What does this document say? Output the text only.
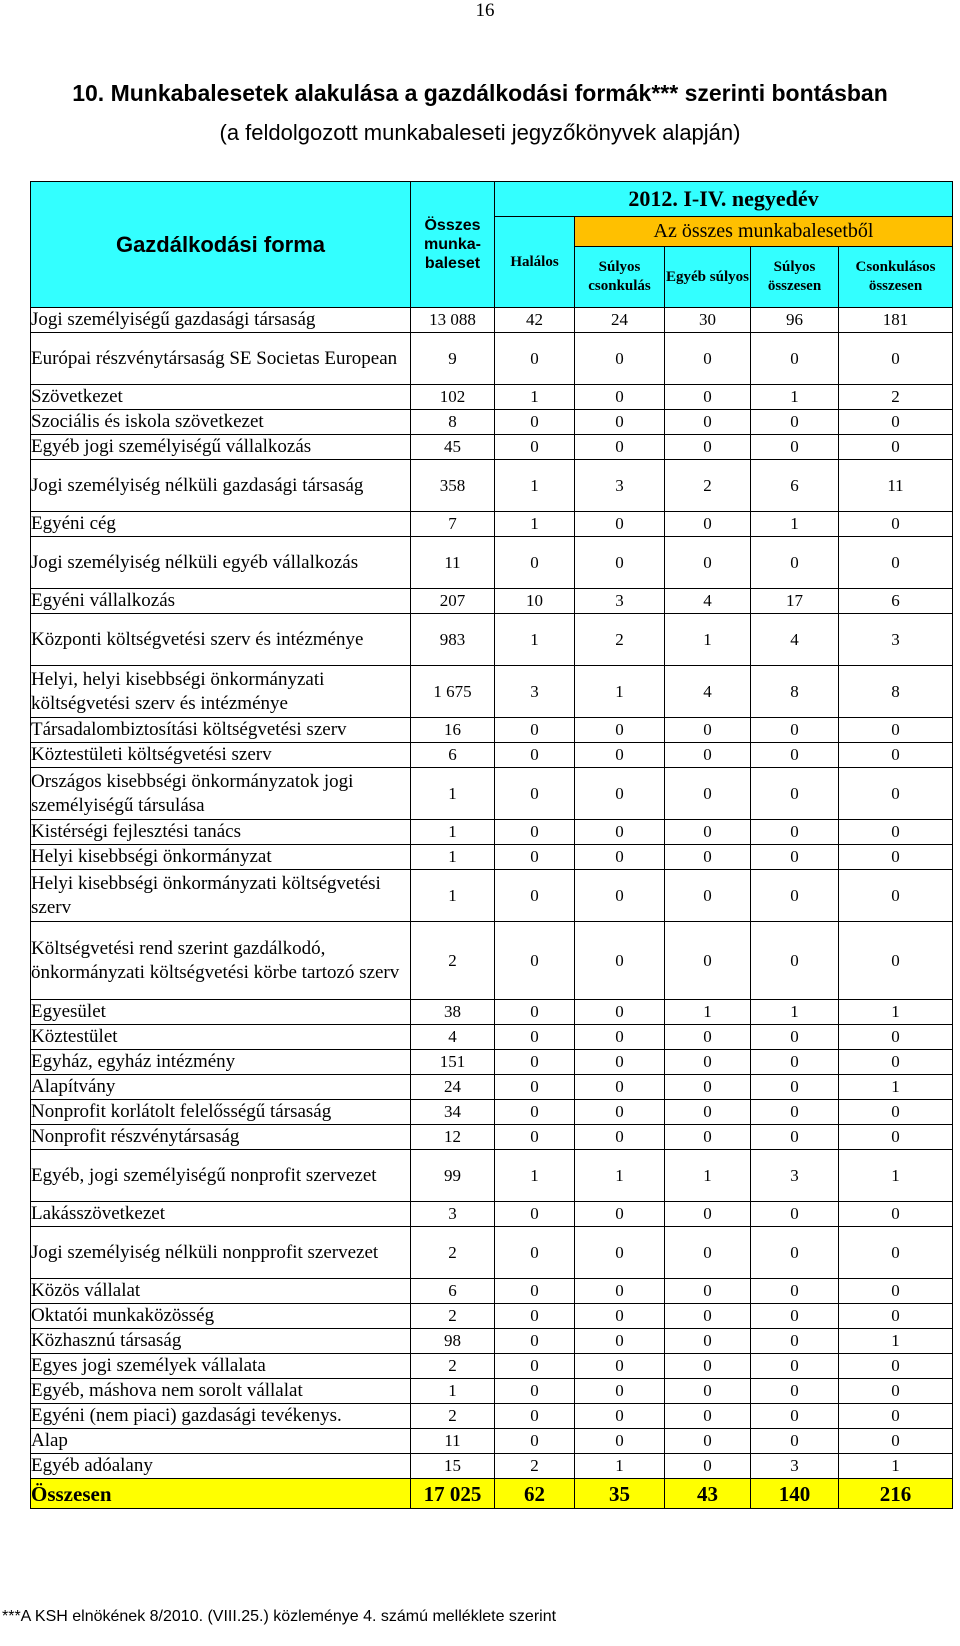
16
10. Munkabalesetek alakulása a gazdálkodási formák*** szerinti bontásban
(a feldolgozott munkabaleseti jegyzőkönyvek alapján)
Gazdálkodási forma	Összes munka-baleset	2012. I-IV. negyedév				
		Halálos	Az összes munkabalesetből			
			Súlyos csonkulás	Egyéb súlyos	Súlyos összesen	Csonkulásos összesen
Jogi személyiségű gazdasági társaság	13 088	42	24	30	96	181
Európai részvénytársaság SE Societas European	9	0	0	0	0	0
Szövetkezet	102	1	0	0	1	2
Szociális és iskola szövetkezet	8	0	0	0	0	0
Egyéb jogi személyiségű vállalkozás	45	0	0	0	0	0
Jogi személyiség nélküli gazdasági társaság	358	1	3	2	6	11
Egyéni cég	7	1	0	0	1	0
Jogi személyiség nélküli egyéb vállalkozás	11	0	0	0	0	0
Egyéni vállalkozás	207	10	3	4	17	6
Központi költségvetési szerv és intézménye	983	1	2	1	4	3
Helyi, helyi kisebbségi önkormányzati költségvetési szerv és intézménye	1 675	3	1	4	8	8
Társadalombiztosítási költségvetési szerv	16	0	0	0	0	0
Köztestületi költségvetési szerv	6	0	0	0	0	0
Országos kisebbségi önkormányzatok jogi személyiségű társulása	1	0	0	0	0	0
Kistérségi fejlesztési tanács	1	0	0	0	0	0
Helyi kisebbségi önkormányzat	1	0	0	0	0	0
Helyi kisebbségi önkormányzati költségvetési szerv	1	0	0	0	0	0
Költségvetési rend szerint gazdálkodó, önkormányzati költségvetési körbe tartozó szerv	2	0	0	0	0	0
Egyesület	38	0	0	1	1	1
Köztestület	4	0	0	0	0	0
Egyház, egyház intézmény	151	0	0	0	0	0
Alapítvány	24	0	0	0	0	1
Nonprofit korlátolt felelősségű társaság	34	0	0	0	0	0
Nonprofit részvénytársaság	12	0	0	0	0	0
Egyéb, jogi személyiségű nonprofit szervezet	99	1	1	1	3	1
Lakásszövetkezet	3	0	0	0	0	0
Jogi személyiség nélküli nonpprofit szervezet	2	0	0	0	0	0
Közös vállalat	6	0	0	0	0	0
Oktatói munkaközösség	2	0	0	0	0	0
Közhasznú társaság	98	0	0	0	0	1
Egyes jogi személyek vállalata	2	0	0	0	0	0
Egyéb, máshova nem sorolt vállalat	1	0	0	0	0	0
Egyéni (nem piaci) gazdasági tevékenys.	2	0	0	0	0	0
Alap	11	0	0	0	0	0
Egyéb adóalany	15	2	1	0	3	1
Összesen	17 025	62	35	43	140	216
***A KSH elnökének 8/2010. (VIII.25.) közleménye 4. számú melléklete szerint
